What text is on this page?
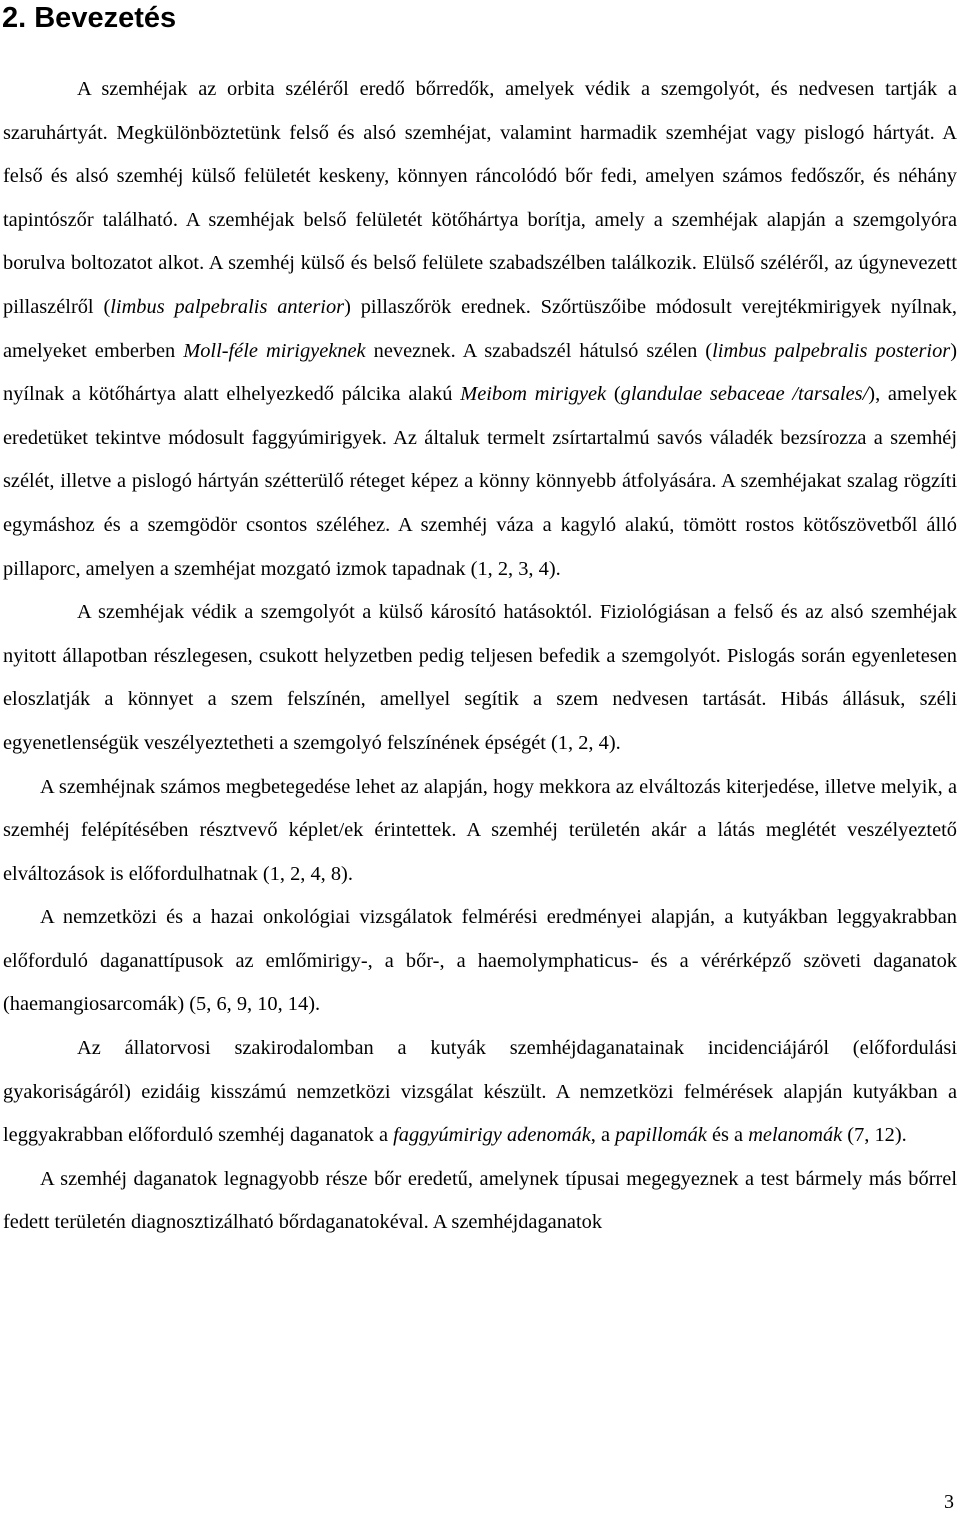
2. Bevezetés

A szemhéjak az orbita széléről eredő bőrredők, amelyek védik a szemgolyót, és nedvesen tartják a szaruhártyát. Megkülönböztetünk felső és alsó szemhéjat, valamint harmadik szemhéjat vagy pislogó hártyát. A felső és alsó szemhéj külső felületét keskeny, könnyen ráncolódó bőr fedi, amelyen számos fedőszőr, és néhány tapintószőr található. A szemhéjak belső felületét kötőhártya borítja, amely a szemhéjak alapján a szemgolyóra borulva boltozatot alkot. A szemhéj külső és belső felülete szabadszélben találkozik. Elülső széléről, az úgynevezett pillaszélről (limbus palpebralis anterior) pillaszőrök erednek. Szőrtüszőibe módosult verejtékmirigyek nyílnak, amelyeket emberben Moll-féle mirigyeknek neveznek. A szabadszél hátulsó szélen (limbus palpebralis posterior) nyílnak a kötőhártya alatt elhelyezkedő pálcika alakú Meibom mirigyek (glandulae sebaceae /tarsales/), amelyek eredetüket tekintve módosult faggyúmirigyek. Az általuk termelt zsírtartalmú savós váladék bezsírozza a szemhéj szélét, illetve a pislogó hártyán szétterülő réteget képez a könny könnyebb átfolyására. A szemhéjakat szalag rögzíti egymáshoz és a szemgödör csontos széléhez. A szemhéj váza a kagyló alakú, tömött rostos kötőszövetből álló pillaporc, amelyen a szemhéjat mozgató izmok tapadnak (1, 2, 3, 4).

A szemhéjak védik a szemgolyót a külső károsító hatásoktól. Fiziológiásan a felső és az alsó szemhéjak nyitott állapotban részlegesen, csukott helyzetben pedig teljesen befedik a szemgolyót. Pislogás során egyenletesen eloszlatják a könnyet a szem felszínén, amellyel segítik a szem nedvesen tartását. Hibás állásuk, széli egyenetlenségük veszélyeztetheti a szemgolyó felszínének épségét (1, 2, 4).

A szemhéjnak számos megbetegedése lehet az alapján, hogy mekkora az elváltozás kiterjedése, illetve melyik, a szemhéj felépítésében résztvevő képlet/ek érintettek. A szemhéj területén akár a látás meglétét veszélyeztető elváltozások is előfordulhatnak (1, 2, 4, 8).

A nemzetközi és a hazai onkológiai vizsgálatok felmérési eredményei alapján, a kutyákban leggyakrabban előforduló daganattípusok az emlőmirigy-, a bőr-, a haemolymphaticus- és a vérérképző szöveti daganatok (haemangiosarcomák) (5, 6, 9, 10, 14).

Az állatorvosi szakirodalomban a kutyák szemhéjdaganatainak incidenciájáról (előfordulási gyakoriságáról) ezidáig kisszámú nemzetközi vizsgálat készült. A nemzetközi felmérések alapján kutyákban a leggyakrabban előforduló szemhéj daganatok a faggyúmirigy adenomák, a papillomák és a melanomák (7, 12).

A szemhéj daganatok legnagyobb része bőr eredetű, amelynek típusai megegyeznek a test bármely más bőrrel fedett területén diagnosztizálható bőrdaganatokéval. A szemhéjdaganatok

3
